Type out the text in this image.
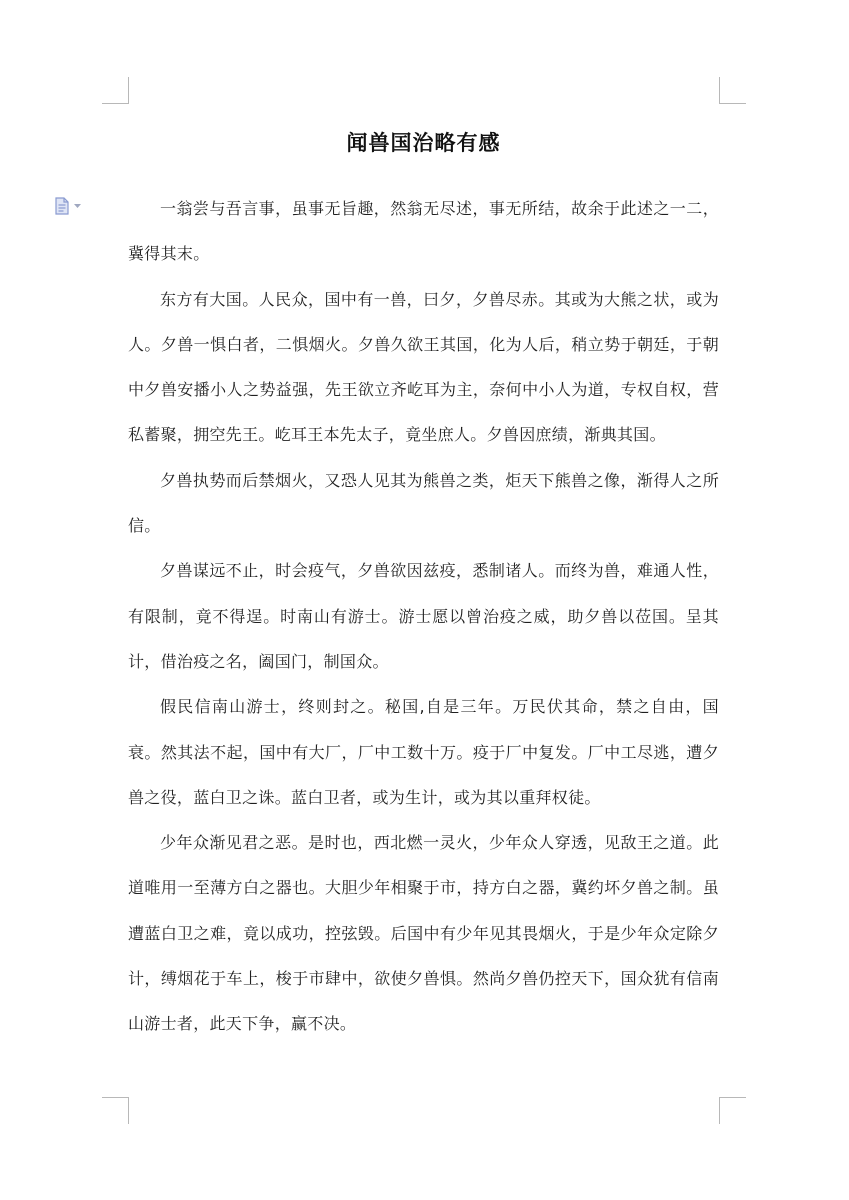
闻兽国治略有感

一翁尝与吾言事，虽事无旨趣，然翁无尽述，事无所结，故余于此述之一二，冀得其末。

东方有大国。人民众，国中有一兽，曰夕，夕兽尽赤。其或为大熊之状，或为人。夕兽一惧白者，二惧烟火。夕兽久欲王其国，化为人后，稍立势于朝廷，于朝中夕兽安播小人之势益强，先王欲立齐屹耳为主，奈何中小人为道，专权自权，营私蓄聚，拥空先王。屹耳王本先太子，竟坐庶人。夕兽因庶绩，渐典其国。

夕兽执势而后禁烟火，又恐人见其为熊兽之类，炬天下熊兽之像，渐得人之所信。

夕兽谋远不止，时会疫气，夕兽欲因兹疫，悉制诸人。而终为兽，难通人性，有限制，竟不得逞。时南山有游士。游士愿以曾治疫之威，助夕兽以莅国。呈其计，借治疫之名，阖国门，制国众。

假民信南山游士，终则封之。秘国,自是三年。万民伏其命，禁之自由，国衰。然其法不起，国中有大厂，厂中工数十万。疫于厂中复发。厂中工尽逃，遭夕兽之役，蓝白卫之诛。蓝白卫者，或为生计，或为其以重拜权徒。

少年众渐见君之恶。是时也，西北燃一灵火，少年众人穿透，见敌王之道。此道唯用一至薄方白之器也。大胆少年相聚于市，持方白之器，冀约坏夕兽之制。虽遭蓝白卫之难，竟以成功，控弦毁。后国中有少年见其畏烟火，于是少年众定除夕计，缚烟花于车上，梭于市肆中，欲使夕兽惧。然尚夕兽仍控天下，国众犹有信南山游士者，此天下争，赢不决。
